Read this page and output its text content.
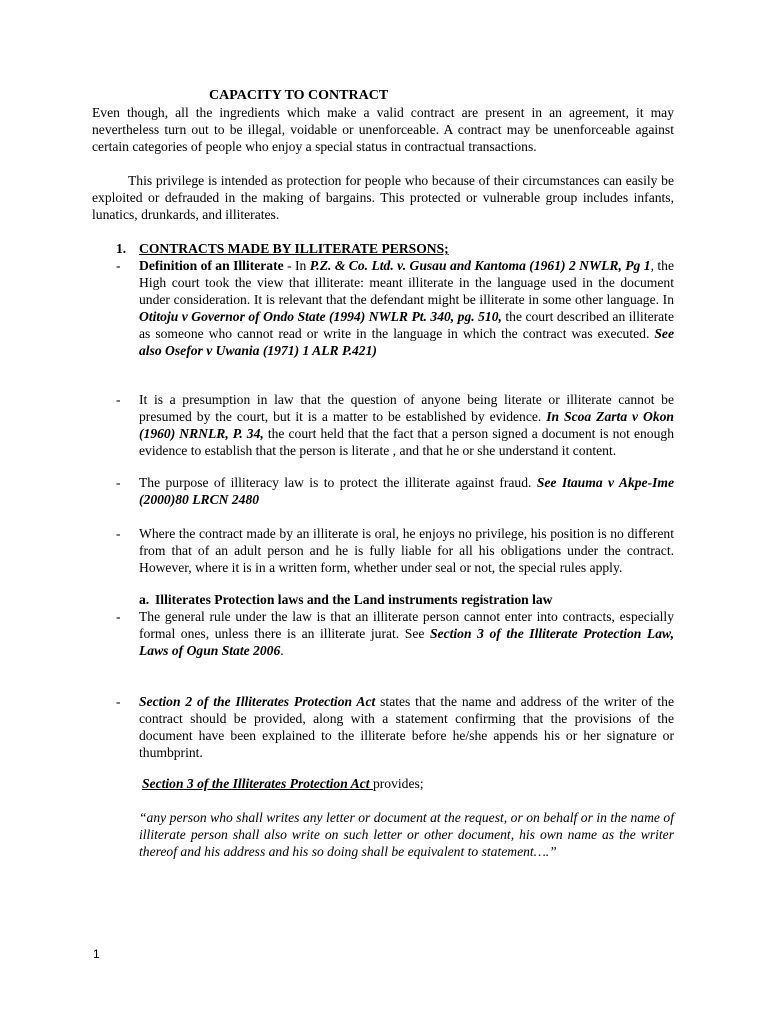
CAPACITY TO CONTRACT

Even though, all the ingredients which make a valid contract are present in an agreement, it may nevertheless turn out to be illegal, voidable or unenforceable. A contract may be unenforceable against certain categories of people who enjoy a special status in contractual transactions.

This privilege is intended as protection for people who because of their circumstances can easily be exploited or defrauded in the making of bargains. This protected or vulnerable group includes infants, lunatics, drunkards, and illiterates.

1. CONTRACTS MADE BY ILLITERATE PERSONS;
- Definition of an Illiterate - In P.Z. & Co. Ltd. v. Gusau and Kantoma (1961) 2 NWLR, Pg 1, the High court took the view that illiterate: meant illiterate in the language used in the document under consideration. It is relevant that the defendant might be illiterate in some other language. In Otitoju v Governor of Ondo State (1994) NWLR Pt. 340, pg. 510, the court described an illiterate as someone who cannot read or write in the language in which the contract was executed. See also Osefor v Uwania (1971) 1 ALR P.421)
- It is a presumption in law that the question of anyone being literate or illiterate cannot be presumed by the court, but it is a matter to be established by evidence. In Scoa Zarta v Okon (1960) NRNLR, P. 34, the court held that the fact that a person signed a document is not enough evidence to establish that the person is literate , and that he or she understand it content.
- The purpose of illiteracy law is to protect the illiterate against fraud. See Itauma v Akpe-Ime (2000)80 LRCN 2480
- Where the contract made by an illiterate is oral, he enjoys no privilege, his position is no different from that of an adult person and he is fully liable for all his obligations under the contract. However, where it is in a written form, whether under seal or not, the special rules apply.
a. Illiterates Protection laws and the Land instruments registration law
- The general rule under the law is that an illiterate person cannot enter into contracts, especially formal ones, unless there is an illiterate jurat. See Section 3 of the Illiterate Protection Law, Laws of Ogun State 2006.
- Section 2 of the Illiterates Protection Act states that the name and address of the writer of the contract should be provided, along with a statement confirming that the provisions of the document have been explained to the illiterate before he/she appends his or her signature or thumbprint.
Section 3 of the Illiterates Protection Act provides;

“any person who shall writes any letter or document at the request, or on behalf or in the name of illiterate person shall also write on such letter or other document, his own name as the writer thereof and his address and his so doing shall be equivalent to statement….”

1
